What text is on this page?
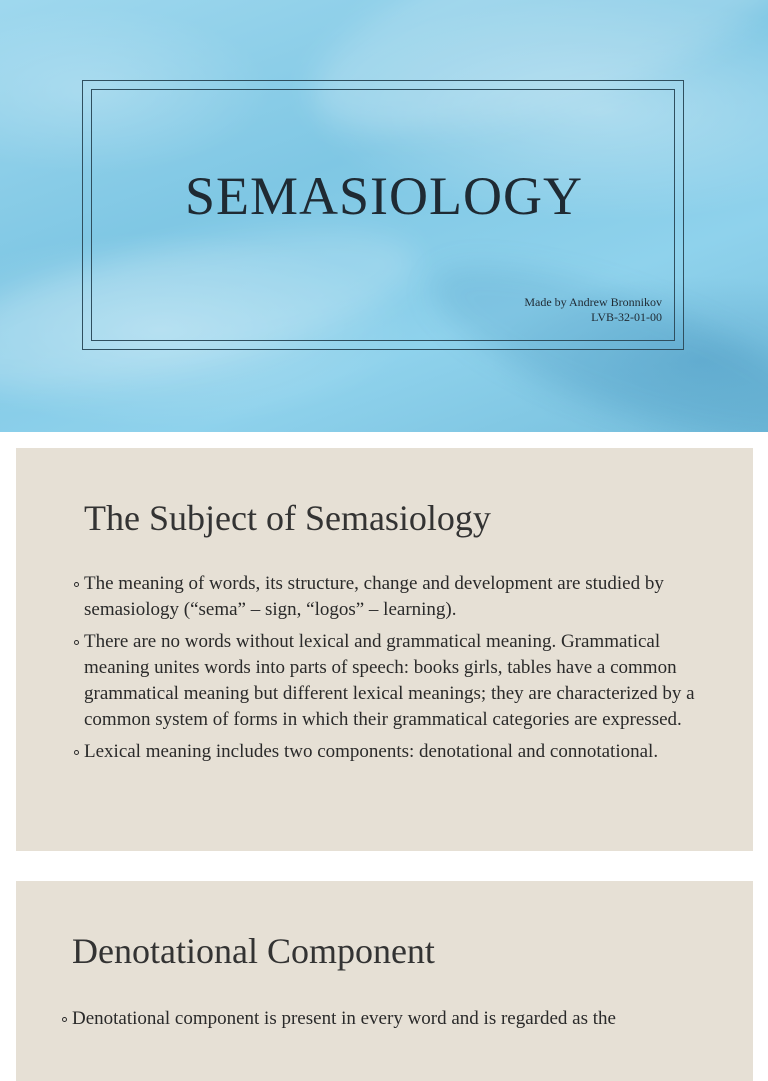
SEMASIOLOGY
Made by Andrew Bronnikov
LVB-32-01-00
The Subject of Semasiology
The meaning of words, its structure, change and development are studied by semasiology (“sema” – sign, “logos” – learning).
There are no words without lexical and grammatical meaning. Grammatical meaning unites words into parts of speech: books girls, tables have a common grammatical meaning but different lexical meanings; they are characterized by a common system of forms in which their grammatical categories are expressed.
Lexical meaning includes two components: denotational and connotational.
Denotational Component
Denotational component is present in every word and is regarded as the
